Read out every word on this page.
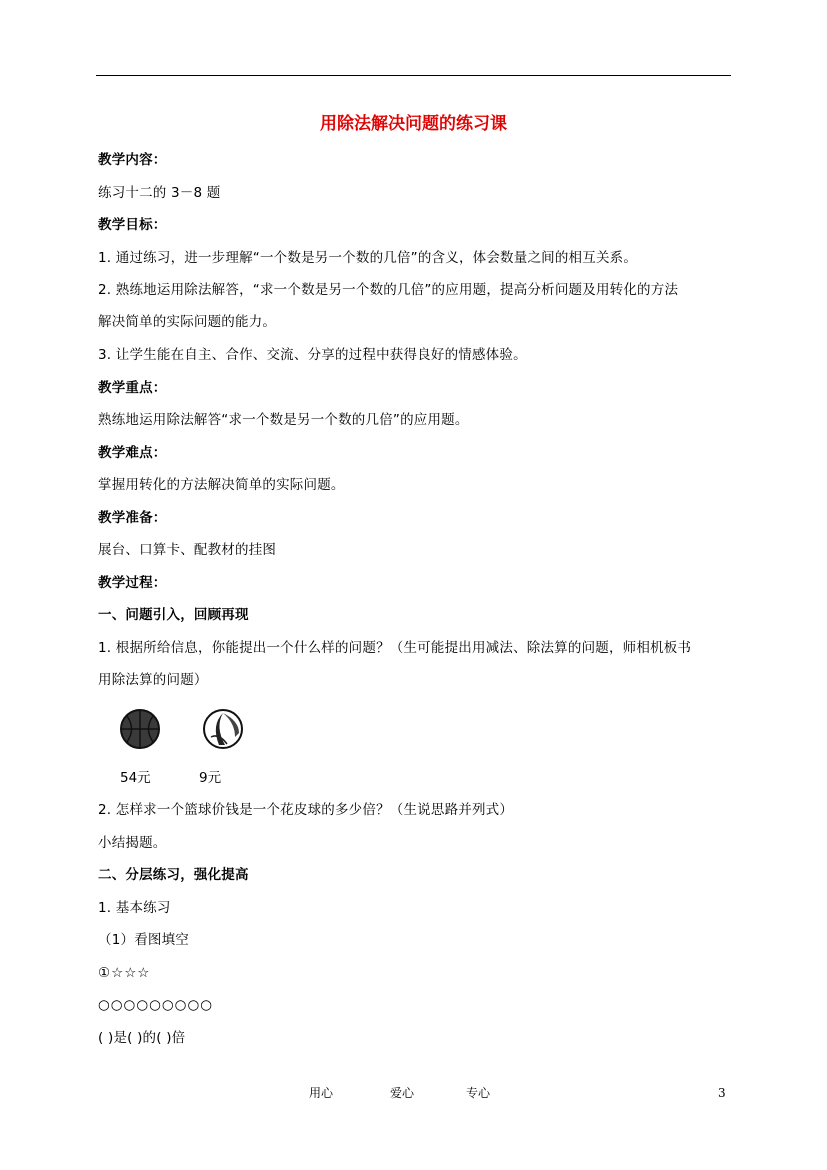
用除法解决问题的练习课
教学内容：
练习十二的 3－8 题
教学目标：
1. 通过练习，进一步理解“一个数是另一个数的几倍”的含义，体会数量之间的相互关系。
2. 熟练地运用除法解答，“求一个数是另一个数的几倍”的应用题，提高分析问题及用转化的方法
解决简单的实际问题的能力。
3. 让学生能在自主、合作、交流、分享的过程中获得良好的情感体验。
教学重点：
熟练地运用除法解答“求一个数是另一个数的几倍”的应用题。
教学难点：
掌握用转化的方法解决简单的实际问题。
教学准备：
展台、口算卡、配教材的挂图
教学过程：
一、问题引入，回顾再现
1. 根据所给信息，你能提出一个什么样的问题？（生可能提出用减法、除法算的问题，师相机板书
用除法算的问题）
54元	9元
2. 怎样求一个篮球价钱是一个花皮球的多少倍？（生说思路并列式）
小结揭题。
二、分层练习，强化提高
1. 基本练习
（1）看图填空
①☆☆☆
○○○○○○○○○
( )是( )的( )倍
用心	爱心	专心	3
